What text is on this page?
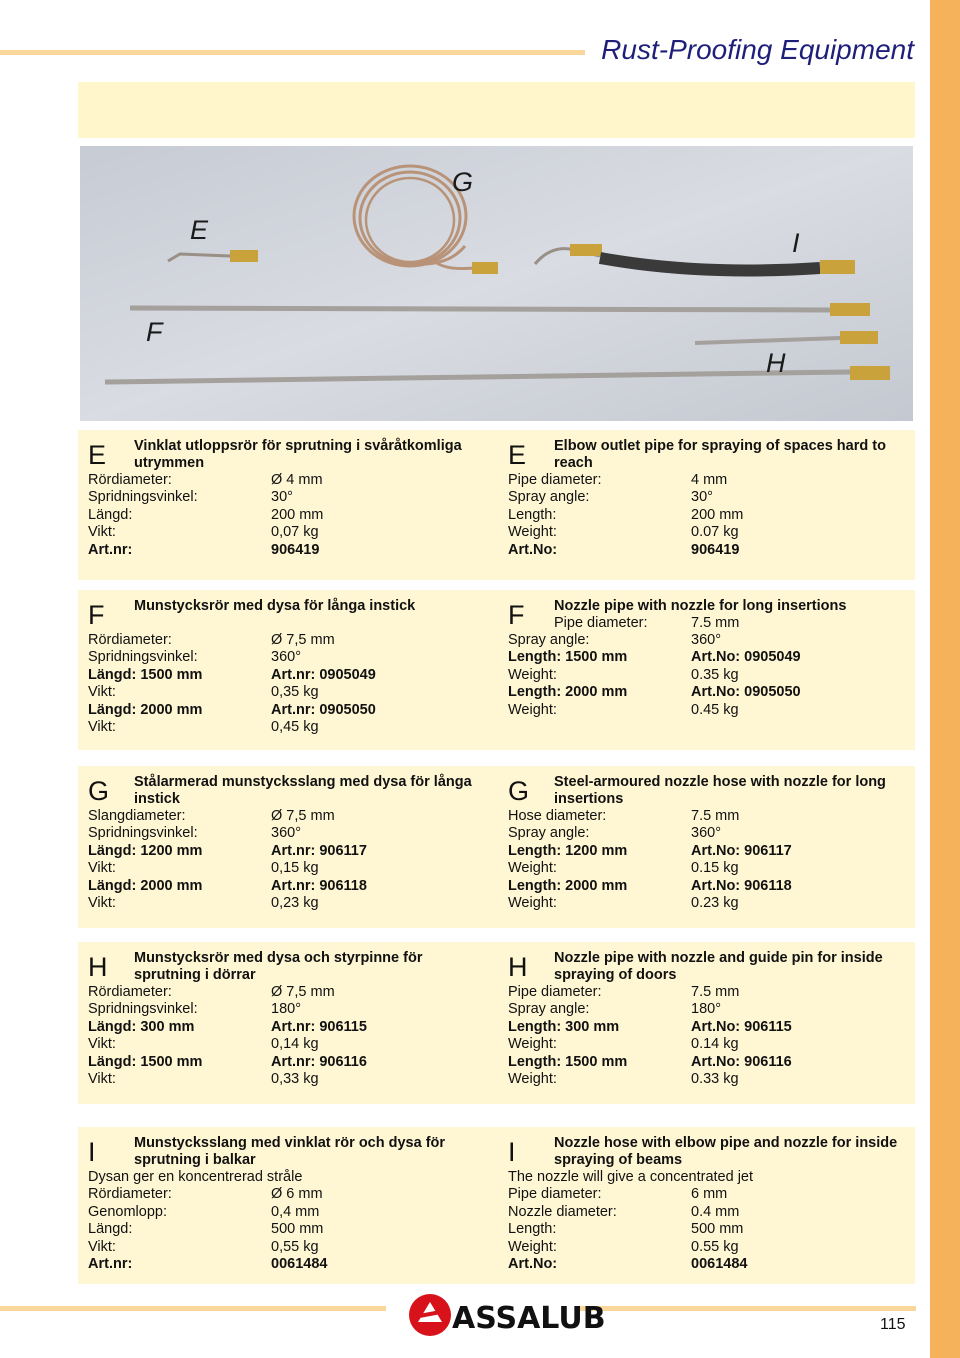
Rust-Proofing Equipment
E
G
I
F
H
E Vinklat utloppsrör för sprutning i svåråtkomliga utrymmen
Rördiameter:	Ø 4 mm
Spridningsvinkel:	30°
Längd:	200 mm
Vikt:	0,07 kg
Art.nr:	906419
E Elbow outlet pipe for spraying of spaces hard to reach
Pipe diameter:	4 mm
Spray angle:	30°
Length:	200 mm
Weight:	0.07 kg
Art.No:	906419
F Munstycksrör med dysa för långa instick
Rördiameter:	Ø 7,5 mm
Spridningsvinkel:	360°
Längd: 1500 mm	Art.nr: 0905049
Vikt:	0,35 kg
Längd: 2000 mm	Art.nr: 0905050
Vikt:	0,45 kg
F Nozzle pipe with nozzle for long insertions
Pipe diameter:	7.5 mm
Spray angle:	360°
Length: 1500 mm	Art.No: 0905049
Weight:	0.35 kg
Length: 2000 mm	Art.No: 0905050
Weight:	0.45 kg
G Stålarmerad munstycksslang med dysa för långa instick
Slangdiameter:	Ø 7,5 mm
Spridningsvinkel:	360°
Längd: 1200 mm	Art.nr: 906117
Vikt:	0,15 kg
Längd: 2000 mm	Art.nr: 906118
Vikt:	0,23 kg
G Steel-armoured nozzle hose with nozzle for long insertions
Hose diameter:	7.5 mm
Spray angle:	360°
Length: 1200 mm	Art.No: 906117
Weight:	0.15 kg
Length: 2000 mm	Art.No: 906118
Weight:	0.23 kg
H Munstycksrör med dysa och styrpinne för sprutning i dörrar
Rördiameter:	Ø 7,5 mm
Spridningsvinkel:	180°
Längd: 300 mm	Art.nr: 906115
Vikt:	0,14 kg
Längd: 1500 mm	Art.nr: 906116
Vikt:	0,33 kg
H Nozzle pipe with nozzle and guide pin for inside spraying of doors
Pipe diameter:	7.5 mm
Spray angle:	180°
Length: 300 mm	Art.No: 906115
Weight:	0.14 kg
Length: 1500 mm	Art.No: 906116
Weight:	0.33 kg
I	Munstycksslang med vinklat rör och dysa för sprutning i balkar
Dysan ger en koncentrerad stråle
Rördiameter:	Ø 6 mm
Genomlopp:	0,4 mm
Längd:	500 mm
Vikt:	0,55 kg
Art.nr:	0061484
I	Nozzle hose with elbow pipe and nozzle for inside spraying of beams
The nozzle will give a concentrated jet
Pipe diameter:	6 mm
Nozzle diameter:	0.4 mm
Length:	500 mm
Weight:	0.55 kg
Art.No:	0061484
ASSALUB	115
